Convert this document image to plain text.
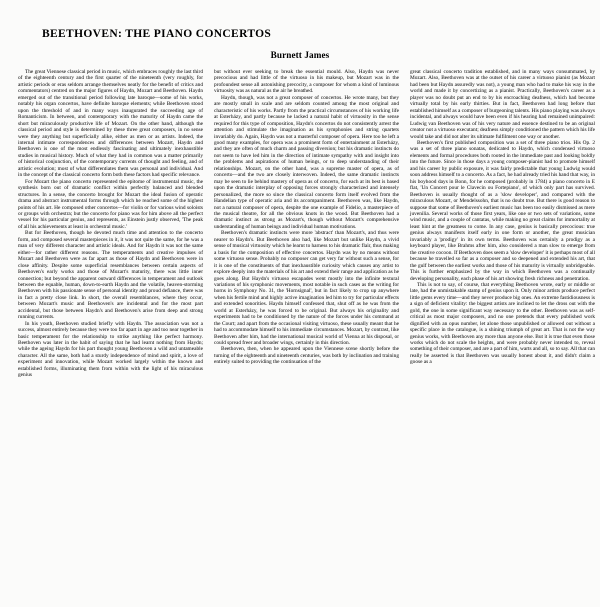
BEETHOVEN: THE PIANO CONCERTOS
Burnett James

The great Viennese classical period in music, which embraces roughly the last third of the eighteenth century and the first quarter of the nineteenth (very roughly, for artistic periods or eras seldom arrange themselves neatly for the benefit of critics and commentators) centred on the major figures of Haydn, Mozart and Beethoven. Haydn emerged out of the transitional period following late baroque—some of his works, notably his organ concertos, have definite baroque elements; while Beethoven stood upon the threshold of and in many ways inaugurated the succeeding age of Romanticism. In between, and contemporary with the maturity of Haydn came the short but miraculously productive life of Mozart. On the other hand, although the classical period and style is determined by these three great composers, in no sense were they anything but superficially alike, either as men or as artists. Indeed, the internal intimate correspondences and differences between Mozart, Haydn and Beethoven is one of the most endlessly fascinating and ultimately inexhaustible studies in musical history. Much of what they had in common was a matter primarily of historical conjunction, of the contemporary currents of thought and feeling, and of artistic evolution; most of what differentiates them was personal and individual. And in the concept of the classical concerto form both these factors had specific relevance.

For Mozart the piano concerto represented the epitome of instrumental music, the synthesis born out of dramatic conflict within perfectly balanced and blended structures. In a sense, the concerto brought for Mozart the ideal fusion of operatic drama and abstract instrumental forms through which he reached some of the highest points of his art. He composed other concertos—for violin or for various wind soloists or groups with orchestra; but the concerto for piano was for him above all the perfect vessel for his particular genius, and represents, as Einstein justly observed, 'The peak of all his achievements at least in orchestral music.'

But for Beethoven, though he devoted much time and attention to the concerto form, and composed several masterpieces in it, it was not quite the same, for he was a man of very different character and artistic ideals. And for Haydn it was not the same either—for rather different reasons. The temperaments and creative impulses of Mozart and Beethoven were as far apart as those of Haydn and Beethoven were in close affinity. Despite some superficial resemblances between certain aspects of Beethoven's early works and those of Mozart's maturity, there was little inner connection; but beyond the apparent outward differences in temperament and outlook between the equable, human, down-to-earth Haydn and the volatile, heaven-storming Beethoven with his passionate sense of personal identity and proud defiance, there was in fact a pretty close link. In short, the overall resemblances, where they occur, between Mozart's music and Beethoven's are incidental and for the most part accidental, but those between Haydn's and Beethoven's arise from deep and strong running currents.

In his youth, Beethoven studied briefly with Haydn. The association was not a success, almost entirely because they were too far apart in age and too near together in basic temperament for the relationship to strike anything like perfect harmony. Beethoven was later in the habit of saying that he had learnt nothing from Haydn; while the ageing Haydn for his part thought young Beethoven a wild and untameable character. All the same, both had a sturdy independence of mind and spirit, a love of experiment and innovation, while Mozart worked largely within the known and established forms, illuminating them from within with the light of his miraculous genius

but without ever seeking to break the essential mould. Also, Haydn was never precocious and had little of the virtuoso in his makeup, but Mozart was in the profoundest sense all astonishing precocity, a composer for whom a kind of luminous virtuosity was as natural as the air he breathed.

Haydn, though, was not a great composer of concertos. He wrote many, but they are mostly small in scale and are seldom counted among the most original and characteristic of his works. Partly from the practical circumstances of his working life at Esterházy, and partly because he lacked a natural habit of virtuosity in the sense required for this type of composition, Haydn's concertos do not consistently arrest the attention and stimulate the imagination as his symphonies and string quartets invariably do. Again, Haydn was not a masterful composer of opera. Here too he left a good many examples, for opera was a prominent form of entertainment at Esterházy, and they are often of much charm and passing diversion; but his dramatic instincts do not seem to have led him in the direction of intimate sympathy with and insight into the problems and aspirations of human beings, or to deep understanding of their relationships. Mozart, on the other hand, was a supreme master of opera, as of concerto—and the two are closely interwoven. Indeed, the same dramatic instincts may be seen to lie behind mastery of opera as of concerto, for each at its best is based upon the dramatic interplay of opposing forces strongly characterized and intensely personalized, the more so since the classical concerto form itself evolved from the Handelian type of operatic aria and its accompaniment. Beethoven was, like Haydn, not a natural composer of opera, despite the one example of Fidelio, a masterpiece of the musical theatre, for all the obvious knots in the wood. But Beethoven had a dramatic instinct as strong as Mozart's, though without Mozart's comprehensive understanding of human beings and individual human motivations.

Beethoven's dramatic instincts were more 'abstract' than Mozart's, and thus were nearer to Haydn's. But Beethoven also had, like Mozart but unlike Haydn, a vivid sense of musical virtuosity which he learnt to harness to his dramatic flair, thus making a basis for the composition of effective concertos. Haydn was by no means without some virtuoso sense. Probably no composer can get very far without such a sense, for it is one of the constituents of that inexhaustible curiosity which causes any artist to explore deeply into the materials of his art and extend their range and application as he goes along. But Haydn's virtuoso escapades went mostly into the infinite textural variations of his symphonic movements, most notable in such cases as the writing for horns in Symphony No. 31, the 'Hornsignal', but in fact likely to crop up anywhere when his fertile mind and highly active imagination led him to try for particular effects and extended sonorities. Haydn himself confessed that, shut off as he was from the world at Esterházy, he was forced to be original. But always his originality and experiments had to be conditioned by the nature of the forces under his command at the Court; and apart from the occasional visiting virtuoso, these usually meant that he had to accommodate himself to his immediate circumstances. Mozart, by contrast, like Beethoven after him, had the international musical world of Vienna at his disposal, or could spread freer and broader wings, certainly in this direction.

Beethoven, then, when he appeared upon the Viennese scene shortly before the turning of the eighteenth and nineteenth centuries, was both by inclination and training entirely suited to providing the continuation of the

great classical concerto tradition established, and in many ways consummated, by Mozart. Also, Beethoven was at the outset of his career a virtuoso pianist (as Mozart had been but Haydn assuredly was not), a young man who had to make his way in the world and made it by concertizing as a pianist. Practically, Beethoven's career as a player was no doubt put an end to by his encroaching deafness, which had become virtually total by his early thirties. But in fact, Beethoven had long before that established himself as a composer of burgeoning talents. His piano playing was always incidental, and always would have been even if his hearing had remained unimpaired: Ludwig van Beethoven was of his very nature and essence destined to be an original creator not a virtuoso executant; deafness simply conditioned the pattern which his life would take and did not alter its ultimate fulfilment one way or another.

Beethoven's first published composition was a set of three piano trios. His Op. 2 was a set of three piano sonatas, dedicated to Haydn, which condensed virtuoso elements and formal procedures both rooted in the immediate past and looking boldly into the future. Since in those days a young composer-pianist had to promote himself and his career by public exposure, it was fairly predictable that young Ludwig would soon address himself to a concerto. As a fact, he had already tried his hand that way, in his boyhood days in Bonn, for he composed (probably in 1784) a piano concerto in E flat, 'Un Concert pour le Clavecin ou Fortepiano', of which only part has survived. Beethoven is usually thought of as a 'slow developer', and compared with the miraculous Mozart, or Mendelssohn, that is no doubt true. But there is good reason to suppose that some of Beethoven's earliest music has been too easily dismissed as mere juvenilia. Several works of those first years, like one or two sets of variations, some wind music, and a couple of cantatas, while making no great claims for immortality at least hint at the greatness to come. In any case, genius is basically precocious: true genius always manifests itself early in one form or another, the great musician invariably a 'prodigy' in its own terms. Beethoven was certainly a prodigy as a keyboard player, like Brahms after him, also considered a man slow to emerge from the creative cocoon. If Beethoven does seem a 'slow developer' it is perhaps most of all because he travelled so far as a composer and so deepened and extended his art, that the gulf between the earliest works and those of his maturity is virtually unbridgeable. This is further emphasized by the way in which Beethoven was a continually developing personality, each phase of his art showing fresh richness and penetration.

This is not to say, of course, that everything Beethoven wrote, early or middle or late, had the unmistakable stamp of genius upon it. Only minor artists produce perfect little gems every time—and they never produce big ones. An extreme fastidiousness is a sign of deficient vitality: the biggest artists are inclined to let the dross out with the gold, the one in some significant way necessary to the other. Beethoven was as self-critical as most major composers, and no one pretends that every published work dignified with an opus number, let alone those unpublished or allowed out without a specific place in the catalogue, is a shining triumph of great art. That is not the way genius works, with Beethoven any more than anyone else. But it is true that even those works which do not scale the heights, and were probably never intended to, reveal something of their composer, and are a part of him, warts and all, so to say. All that can really be asserted is that Beethoven was usually honest about it, and didn't claim a goose as a
